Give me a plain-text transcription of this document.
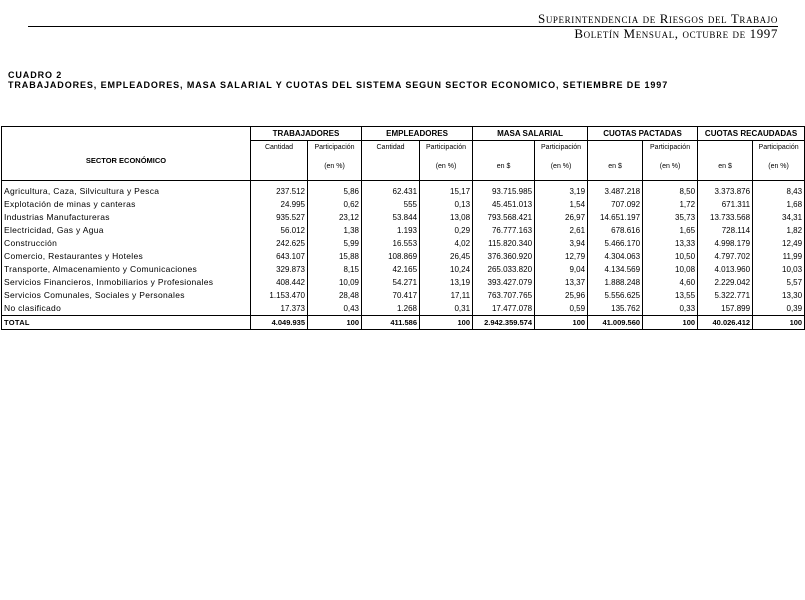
Superintendencia de Riesgos del Trabajo
Boletín Mensual, octubre de 1997
CUADRO 2
TRABAJADORES, EMPLEADORES, MASA SALARIAL Y CUOTAS DEL SISTEMA SEGUN SECTOR ECONOMICO, SETIEMBRE DE 1997
SECTOR ECONÓMICO	TRABAJADORES		EMPLEADORES		MASA SALARIAL		CUOTAS PACTADAS		CUOTAS RECAUDADAS	
	Cantidad	Participación	Cantidad	Participación		Participación		Participación		Participación
		(en %)		(en %)	en $	(en %)	en $	(en %)	en $	(en %)
Agricultura, Caza, Silvicultura y Pesca	237.512	5,86	62.431	15,17	93.715.985	3,19	3.487.218	8,50	3.373.876	8,43
Explotación de minas y canteras	24.995	0,62	555	0,13	45.451.013	1,54	707.092	1,72	671.311	1,68
Industrias Manufactureras	935.527	23,12	53.844	13,08	793.568.421	26,97	14.651.197	35,73	13.733.568	34,31
Electricidad, Gas y Agua	56.012	1,38	1.193	0,29	76.777.163	2,61	678.616	1,65	728.114	1,82
Construcción	242.625	5,99	16.553	4,02	115.820.340	3,94	5.466.170	13,33	4.998.179	12,49
Comercio, Restaurantes y Hoteles	643.107	15,88	108.869	26,45	376.360.920	12,79	4.304.063	10,50	4.797.702	11,99
Transporte, Almacenamiento y Comunicaciones	329.873	8,15	42.165	10,24	265.033.820	9,04	4.134.569	10,08	4.013.960	10,03
Servicios Financieros, Inmobiliarios y Profesionales	408.442	10,09	54.271	13,19	393.427.079	13,37	1.888.248	4,60	2.229.042	5,57
Servicios Comunales, Sociales y Personales	1.153.470	28,48	70.417	17,11	763.707.765	25,96	5.556.625	13,55	5.322.771	13,30
No clasificado	17.373	0,43	1.268	0,31	17.477.078	0,59	135.762	0,33	157.899	0,39
TOTAL	4.049.935	100	411.586	100	2.942.359.574	100	41.009.560	100	40.026.412	100
